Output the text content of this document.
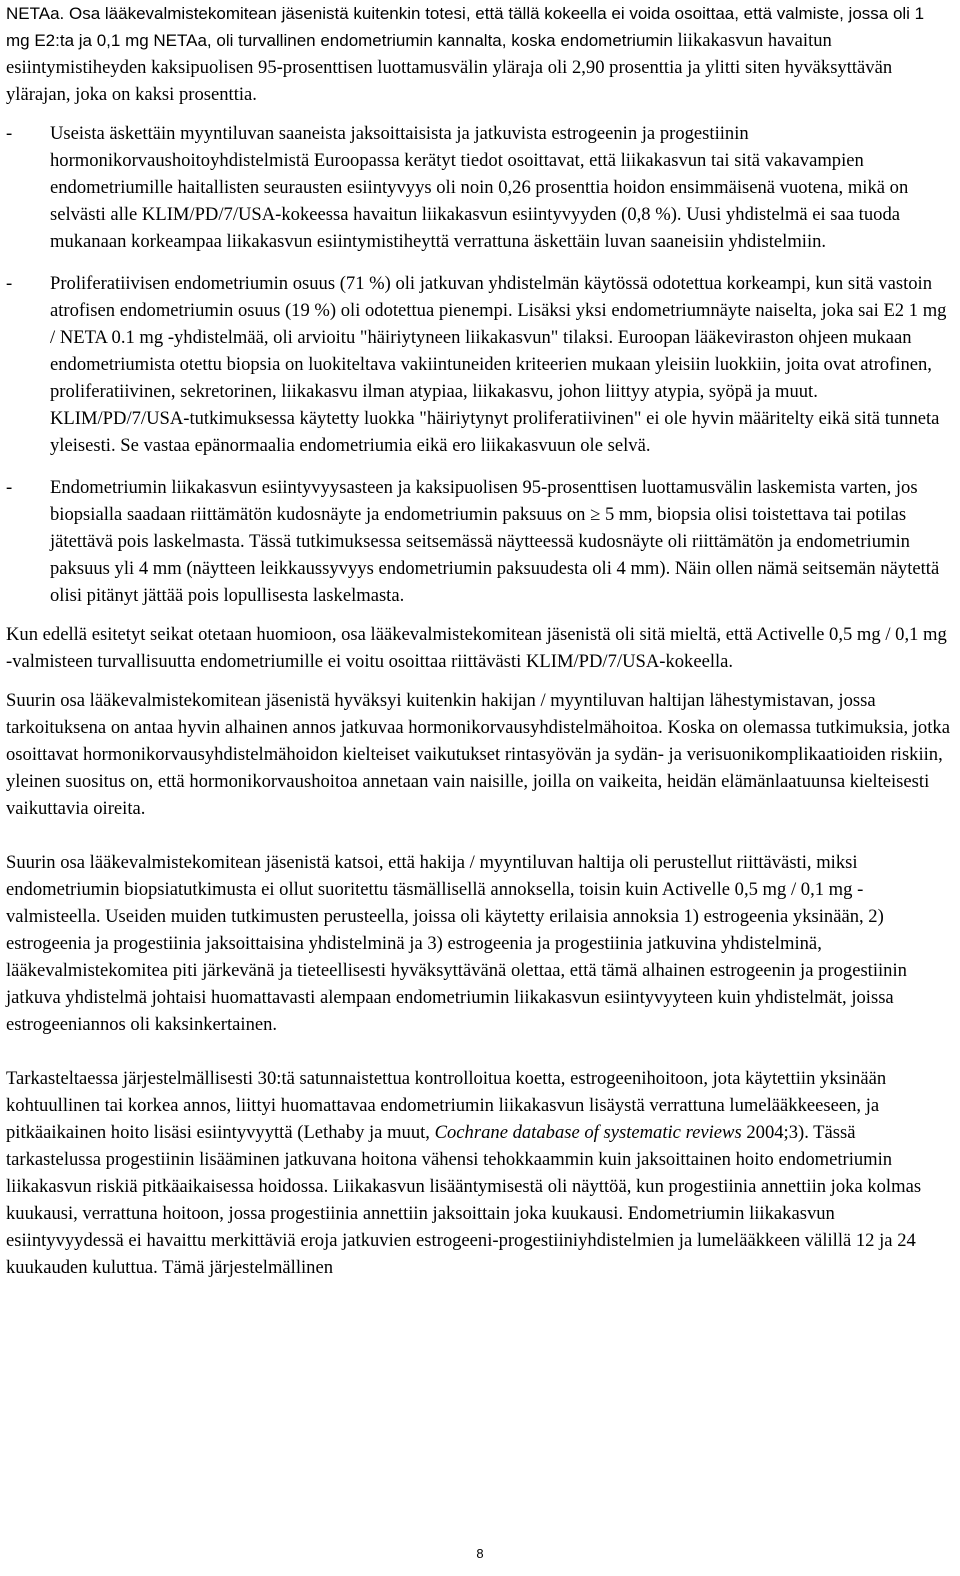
NETAa. Osa lääkevalmistekomitean jäsenistä kuitenkin totesi, että tällä kokeella ei voida osoittaa, että valmiste, jossa oli 1 mg E2:ta ja 0,1 mg NETAa, oli turvallinen endometriumin kannalta, koska endometriumin liikakasvun havaitun esiintymistiheyden kaksipuolisen 95-prosenttisen luottamusvälin yläraja oli 2,90 prosenttia ja ylitti siten hyväksyttävän ylärajan, joka on kaksi prosenttia.

-	Useista äskettäin myyntiluvan saaneista jaksoittaisista ja jatkuvista estrogeenin ja progestiinin hormonikorvaushoitoyhdistelmistä Euroopassa kerätyt tiedot osoittavat, että liikakasvun tai sitä vakavampien endometriumille haitallisten seurausten esiintyvyys oli noin 0,26 prosenttia hoidon ensimmäisenä vuotena, mikä on selvästi alle KLIM/PD/7/USA-kokeessa havaitun liikakasvun esiintyvyyden (0,8 %). Uusi yhdistelmä ei saa tuoda mukanaan korkeampaa liikakasvun esiintymistiheyttä verrattuna äskettäin luvan saaneisiin yhdistelmiin.
-	Proliferatiivisen endometriumin osuus (71 %) oli jatkuvan yhdistelmän käytössä odotettua korkeampi, kun sitä vastoin atrofisen endometriumin osuus (19 %) oli odotettua pienempi. Lisäksi yksi endometriumnäyte naiselta, joka sai E2 1 mg / NETA 0.1 mg -yhdistelmää, oli arvioitu "häiriytyneen liikakasvun" tilaksi. Euroopan lääkeviraston ohjeen mukaan endometriumista otettu biopsia on luokiteltava vakiintuneiden kriteerien mukaan yleisiin luokkiin, joita ovat atrofinen, proliferatiivinen, sekretorinen, liikakasvu ilman atypiaa, liikakasvu, johon liittyy atypia, syöpä ja muut. KLIM/PD/7/USA-tutkimuksessa käytetty luokka "häiriytynyt proliferatiivinen" ei ole hyvin määritelty eikä sitä tunneta yleisesti. Se vastaa epänormaalia endometriumia eikä ero liikakasvuun ole selvä.
-	Endometriumin liikakasvun esiintyvyysasteen ja kaksipuolisen 95-prosenttisen luottamusvälin laskemista varten, jos biopsialla saadaan riittämätön kudosnäyte ja endometriumin paksuus on ≥ 5 mm, biopsia olisi toistettava tai potilas jätettävä pois laskelmasta. Tässä tutkimuksessa seitsemässä näytteessä kudosnäyte oli riittämätön ja endometriumin paksuus yli 4 mm (näytteen leikkaussyvyys endometriumin paksuudesta oli 4 mm). Näin ollen nämä seitsemän näytettä olisi pitänyt jättää pois lopullisesta laskelmasta.

Kun edellä esitetyt seikat otetaan huomioon, osa lääkevalmistekomitean jäsenistä oli sitä mieltä, että Activelle 0,5 mg / 0,1 mg -valmisteen turvallisuutta endometriumille ei voitu osoittaa riittävästi KLIM/PD/7/USA-kokeella.

Suurin osa lääkevalmistekomitean jäsenistä hyväksyi kuitenkin hakijan / myyntiluvan haltijan lähestymistavan, jossa tarkoituksena on antaa hyvin alhainen annos jatkuvaa hormonikorvausyhdistelmähoitoa. Koska on olemassa tutkimuksia, jotka osoittavat hormonikorvausyhdistelmähoidon kielteiset vaikutukset rintasyövän ja sydän- ja verisuonikomplikaatioiden riskiin, yleinen suositus on, että hormonikorvaushoitoa annetaan vain naisille, joilla on vaikeita, heidän elämänlaatuunsa kielteisesti vaikuttavia oireita.

Suurin osa lääkevalmistekomitean jäsenistä katsoi, että hakija / myyntiluvan haltija oli perustellut riittävästi, miksi endometriumin biopsiatutkimusta ei ollut suoritettu täsmällisellä annoksella, toisin kuin Activelle 0,5 mg / 0,1 mg -valmisteella. Useiden muiden tutkimusten perusteella, joissa oli käytetty erilaisia annoksia 1) estrogeenia yksinään, 2) estrogeenia ja progestiinia jaksoittaisina yhdistelminä ja 3) estrogeenia ja progestiinia jatkuvina yhdistelminä, lääkevalmistekomitea piti järkevänä ja tieteellisesti hyväksyttävänä olettaa, että tämä alhainen estrogeenin ja progestiinin jatkuva yhdistelmä johtaisi huomattavasti alempaan endometriumin liikakasvun esiintyvyyteen kuin yhdistelmät, joissa estrogeeniannos oli kaksinkertainen.

Tarkasteltaessa järjestelmällisesti 30:tä satunnaistettua kontrolloitua koetta, estrogeenihoitoon, jota käytettiin yksinään kohtuullinen tai korkea annos, liittyi huomattavaa endometriumin liikakasvun lisäystä verrattuna lumelääkkeeseen, ja pitkäaikainen hoito lisäsi esiintyvyyttä (Lethaby ja muut, Cochrane database of systematic reviews 2004;3). Tässä tarkastelussa progestiinin lisääminen jatkuvana hoitona vähensi tehokkaammin kuin jaksoittainen hoito endometriumin liikakasvun riskiä pitkäaikaisessa hoidossa. Liikakasvun lisääntymisestä oli näyttöä, kun progestiinia annettiin joka kolmas kuukausi, verrattuna hoitoon, jossa progestiinia annettiin jaksoittain joka kuukausi. Endometriumin liikakasvun esiintyvyydessä ei havaittu merkittäviä eroja jatkuvien estrogeeni-progestiiniyhdistelmien ja lumelääkkeen välillä 12 ja 24 kuukauden kuluttua. Tämä järjestelmällinen

8
